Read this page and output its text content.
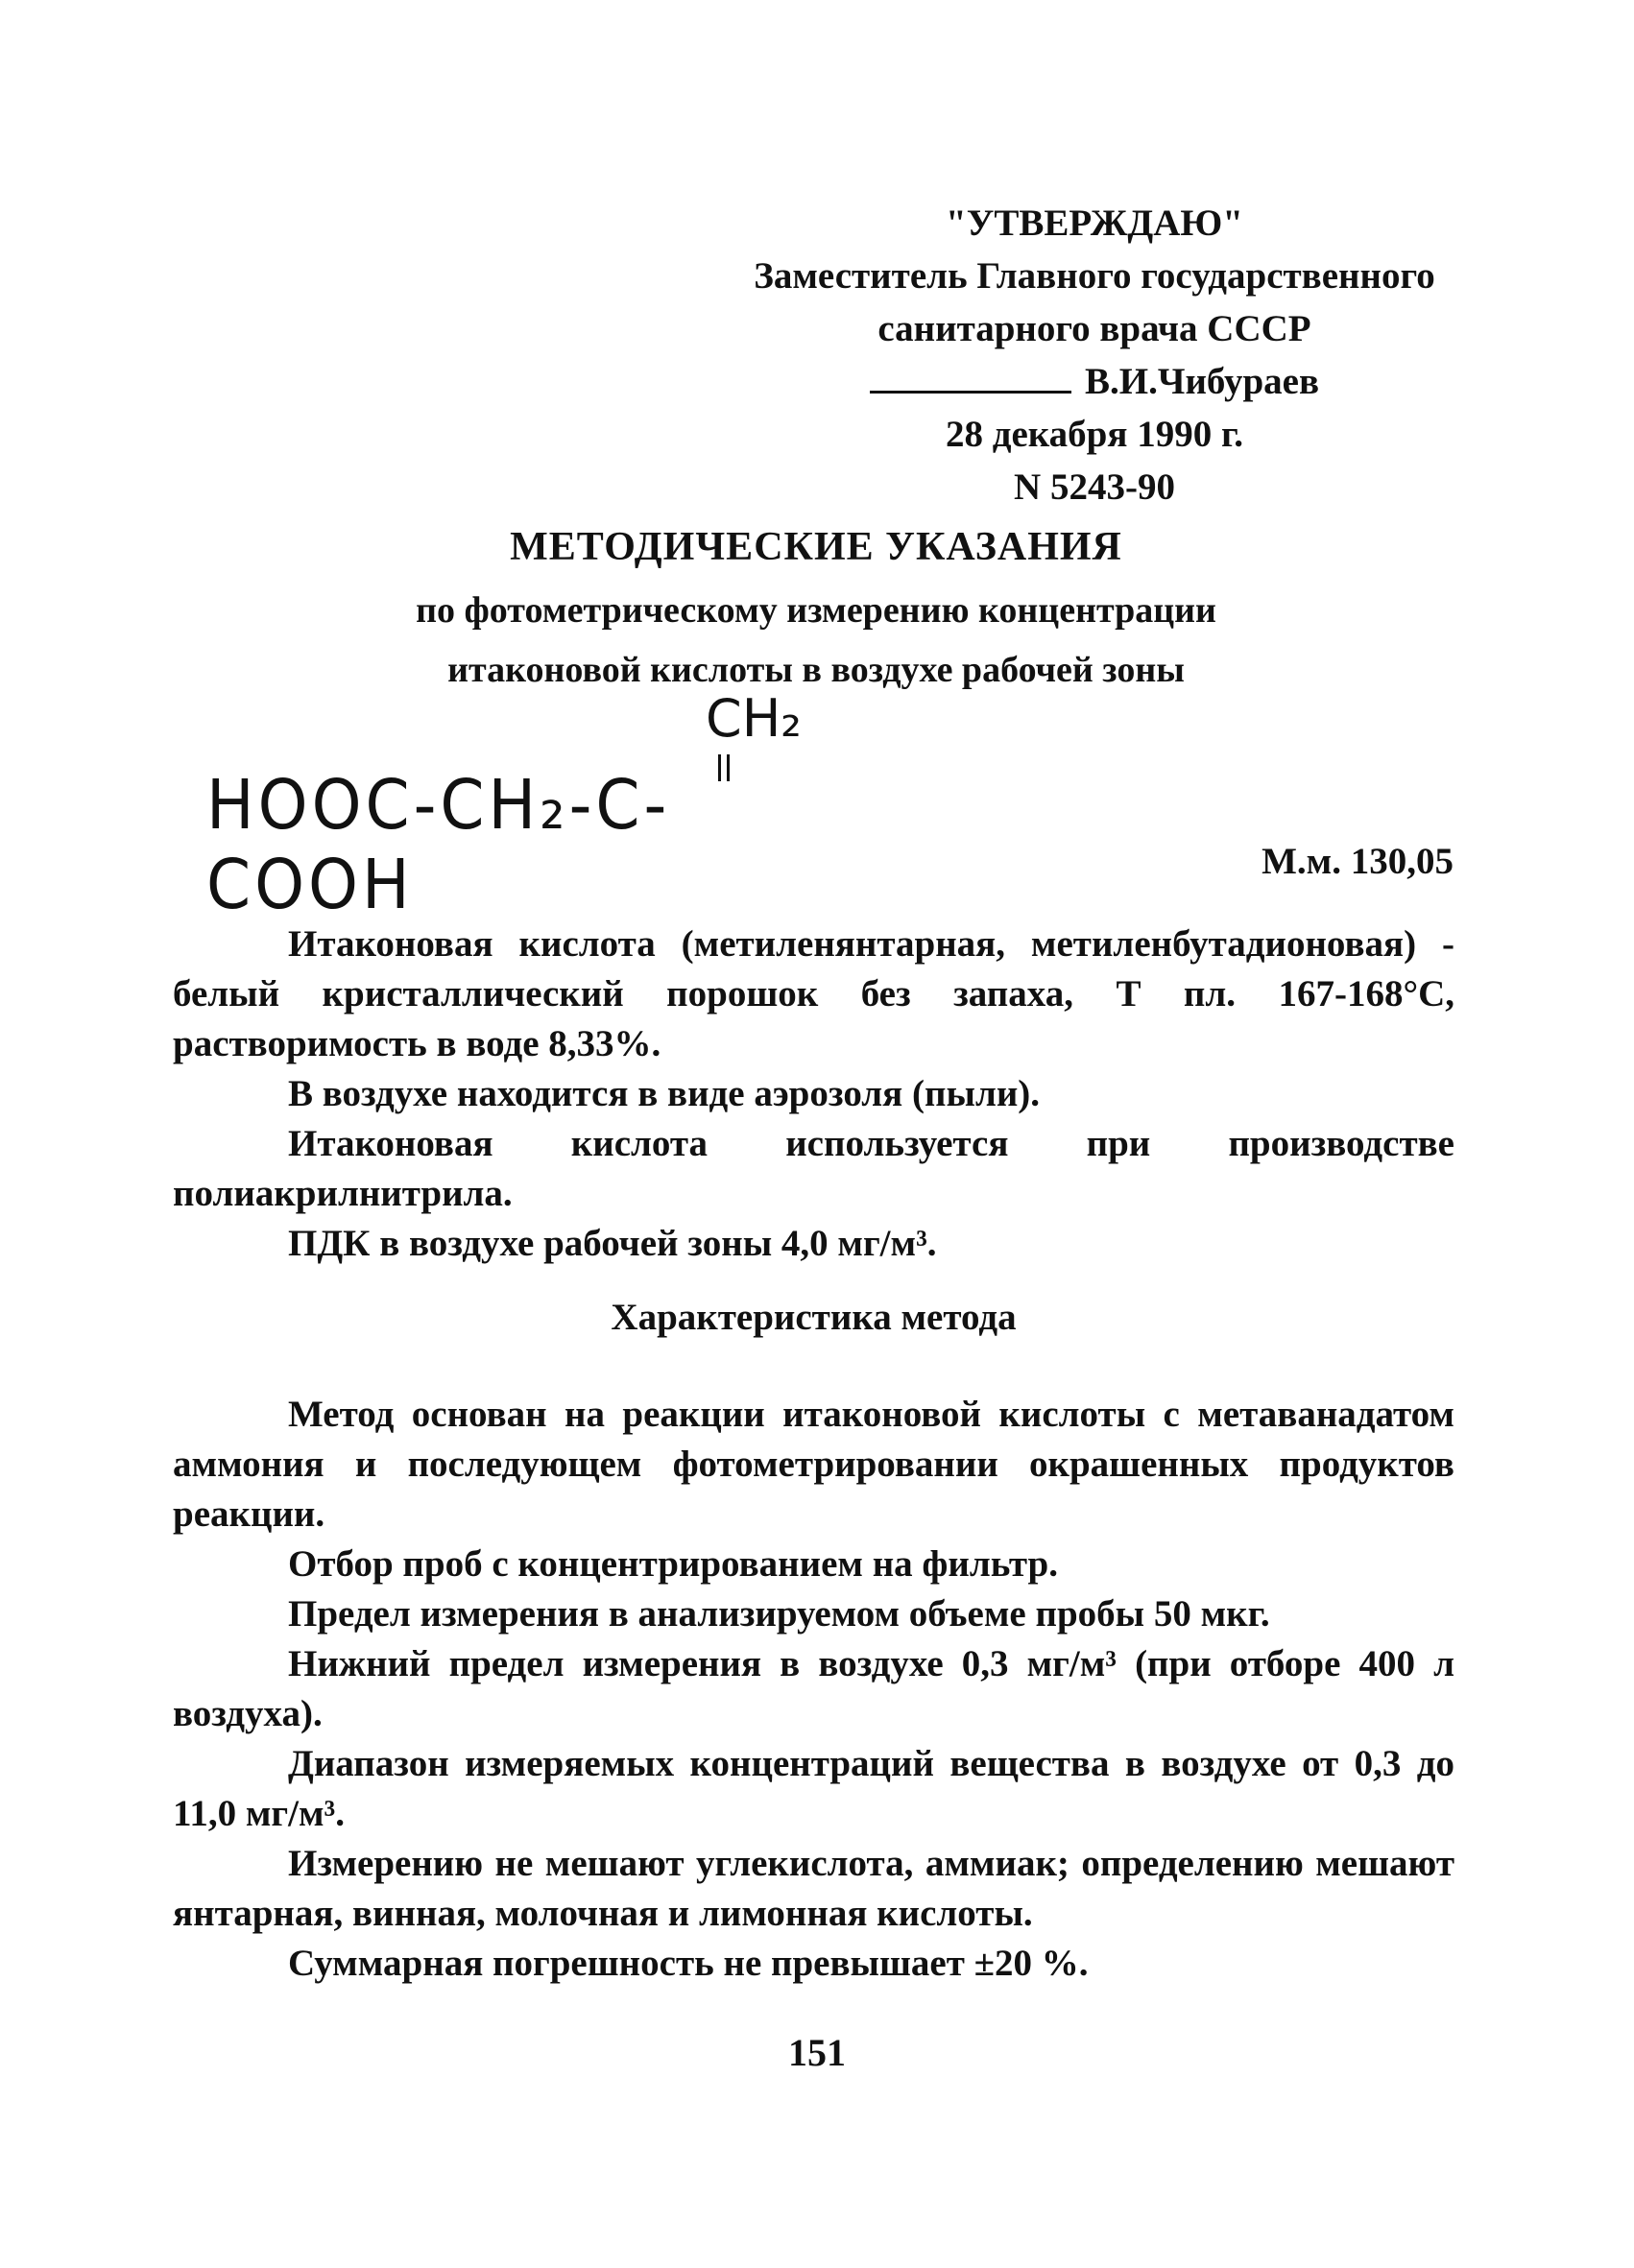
"УТВЕРЖДАЮ"
Заместитель Главного государственного
санитарного врача СССР
В.И.Чибураев
28 декабря 1990 г.
N 5243-90
МЕТОДИЧЕСКИЕ УКАЗАНИЯ
по фотометрическому измерению концентрации
итаконовой кислоты в воздухе рабочей зоны
CH₂
HOOC-CH₂-C-COOH	М.м. 130,05

Итаконовая кислота (метиленянтарная, метиленбутадионовая) - белый кристаллический порошок без запаха, Т пл. 167-168°С, растворимость в воде 8,33%.

В воздухе находится в виде аэрозоля (пыли).

Итаконовая кислота используется при производстве полиакрилнитрила.

ПДК в воздухе рабочей зоны 4,0 мг/м³.

Характеристика метода

Метод основан на реакции итаконовой кислоты с метаванадатом аммония и последующем фотометрировании окрашенных продуктов реакции.

Отбор проб с концентрированием на фильтр.

Предел измерения в анализируемом объеме пробы 50 мкг.

Нижний предел измерения в воздухе 0,3 мг/м³ (при отборе 400 л воздуха).

Диапазон измеряемых концентраций вещества в воздухе от 0,3 до 11,0 мг/м³.

Измерению не мешают углекислота, аммиак; определению мешают янтарная, винная, молочная и лимонная кислоты.

Суммарная погрешность не превышает ±20 %.

151
